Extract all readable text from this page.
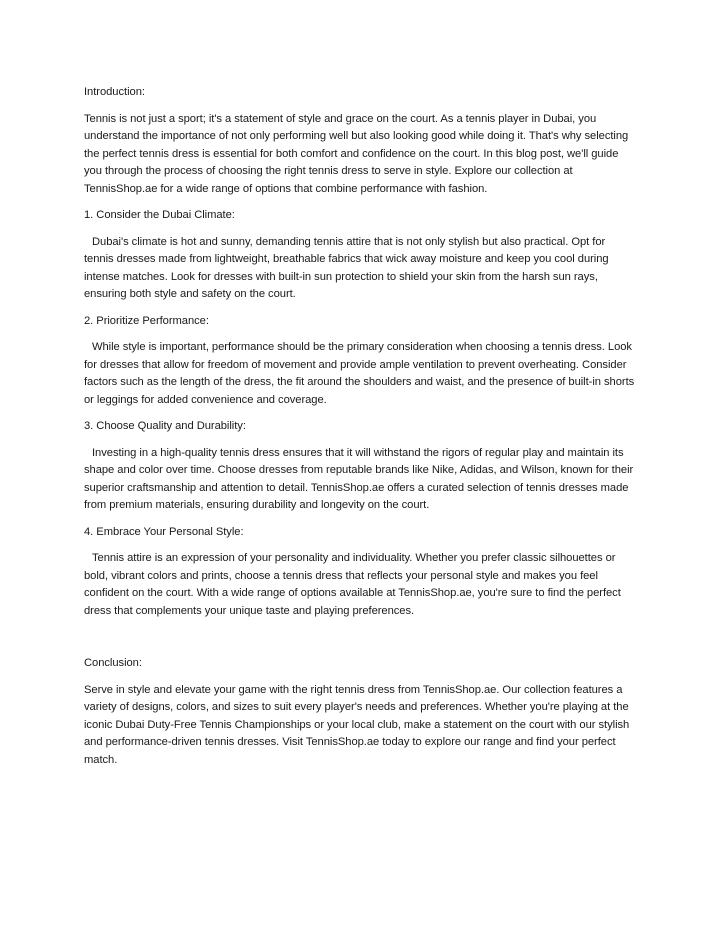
Introduction:

Tennis is not just a sport; it's a statement of style and grace on the court. As a tennis player in Dubai, you understand the importance of not only performing well but also looking good while doing it. That's why selecting the perfect tennis dress is essential for both comfort and confidence on the court. In this blog post, we'll guide you through the process of choosing the right tennis dress to serve in style. Explore our collection at TennisShop.ae for a wide range of options that combine performance with fashion.

1. Consider the Dubai Climate:

Dubai's climate is hot and sunny, demanding tennis attire that is not only stylish but also practical. Opt for tennis dresses made from lightweight, breathable fabrics that wick away moisture and keep you cool during intense matches. Look for dresses with built-in sun protection to shield your skin from the harsh sun rays, ensuring both style and safety on the court.

2. Prioritize Performance:

While style is important, performance should be the primary consideration when choosing a tennis dress. Look for dresses that allow for freedom of movement and provide ample ventilation to prevent overheating. Consider factors such as the length of the dress, the fit around the shoulders and waist, and the presence of built-in shorts or leggings for added convenience and coverage.

3. Choose Quality and Durability:

Investing in a high-quality tennis dress ensures that it will withstand the rigors of regular play and maintain its shape and color over time. Choose dresses from reputable brands like Nike, Adidas, and Wilson, known for their superior craftsmanship and attention to detail. TennisShop.ae offers a curated selection of tennis dresses made from premium materials, ensuring durability and longevity on the court.

4. Embrace Your Personal Style:

Tennis attire is an expression of your personality and individuality. Whether you prefer classic silhouettes or bold, vibrant colors and prints, choose a tennis dress that reflects your personal style and makes you feel confident on the court. With a wide range of options available at TennisShop.ae, you're sure to find the perfect dress that complements your unique taste and playing preferences.

Conclusion:

Serve in style and elevate your game with the right tennis dress from TennisShop.ae. Our collection features a variety of designs, colors, and sizes to suit every player's needs and preferences. Whether you're playing at the iconic Dubai Duty-Free Tennis Championships or your local club, make a statement on the court with our stylish and performance-driven tennis dresses. Visit TennisShop.ae today to explore our range and find your perfect match.
